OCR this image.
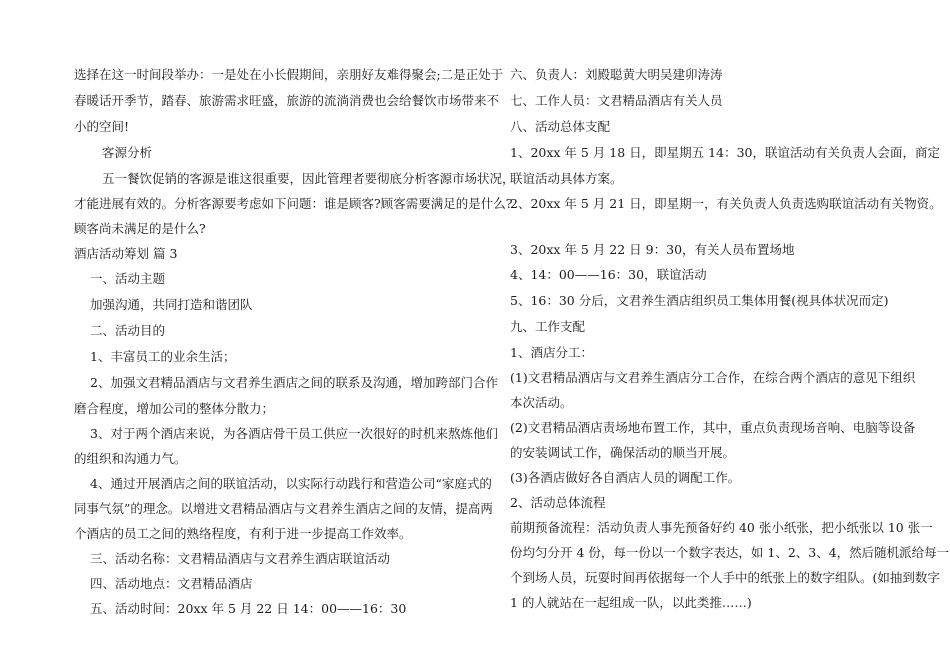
选择在这一时间段举办：一是处在小长假期间，亲朋好友难得聚会;二是正处于
春暖话开季节，踏春、旅游需求旺盛，旅游的流淌消费也会给餐饮市场带来不
小的空间!
客源分析
五一餐饮促销的客源是谁这很重要，因此管理者要彻底分析客源市场状况，
才能进展有效的。分析客源要考虑如下问题：谁是顾客?顾客需要满足的是什么?
顾客尚未满足的是什么?
酒店活动筹划 篇 3
一、活动主题
加强沟通，共同打造和谐团队
二、活动目的
1、丰富员工的业余生活；
2、加强文君精品酒店与文君养生酒店之间的联系及沟通，增加跨部门合作
磨合程度，增加公司的整体分散力；
3、对于两个酒店来说，为各酒店骨干员工供应一次很好的时机来熬炼他们
的组织和沟通力气。
4、通过开展酒店之间的联谊活动，以实际行动践行和营造公司“家庭式的
同事气氛”的理念。以增进文君精品酒店与文君养生酒店之间的友情，提高两
个酒店的员工之间的熟络程度，有利于进一步提高工作效率。
三、活动名称：文君精品酒店与文君养生酒店联谊活动
四、活动地点：文君精品酒店
五、活动时间：20xx 年 5 月 22 日 14：00——16：30
六、负责人：刘殿聪黄大明吴建卯涛涛
七、工作人员：文君精品酒店有关人员
八、活动总体支配
1、20xx 年 5 月 18 日，即星期五 14：30，联谊活动有关负责人会面，商定
联谊活动具体方案。
2、20xx 年 5 月 21 日，即星期一，有关负责人负责选购联谊活动有关物资。
3、20xx 年 5 月 22 日 9：30，有关人员布置场地
4、14：00——16：30，联谊活动
5、16：30 分后，文君养生酒店组织员工集体用餐(视具体状况而定)
九、工作支配
1、酒店分工：
(1)文君精品酒店与文君养生酒店分工合作，在综合两个酒店的意见下组织
本次活动。
(2)文君精品酒店责场地布置工作，其中，重点负责现场音响、电脑等设备
的安装调试工作，确保活动的顺当开展。
(3)各酒店做好各自酒店人员的调配工作。
2、活动总体流程
前期预备流程：活动负责人事先预备好约 40 张小纸张，把小纸张以 10 张一
份均匀分开 4 份，每一份以一个数字表达，如 1、2、3、4，然后随机派给每一
个到场人员，玩耍时间再依据每一个人手中的纸张上的数字组队。(如抽到数字
1 的人就站在一起组成一队，以此类推……)
